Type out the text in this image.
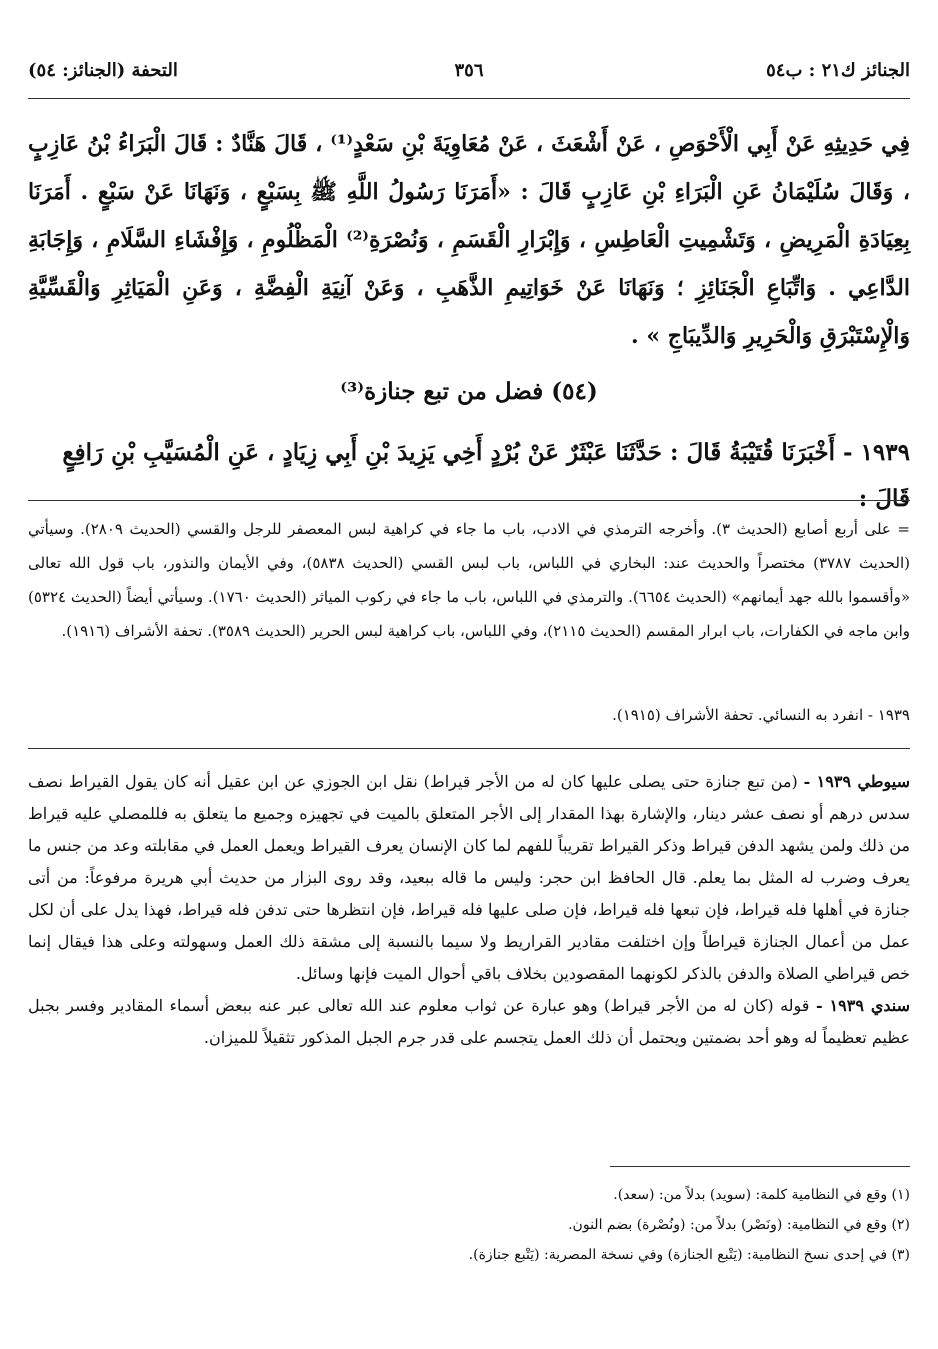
الجنائز ك٢١ : ب٥٤
٣٥٦
التحفة (الجنائز: ٥٤)

فِي حَدِيثِهِ عَنْ أَبِي الْأَحْوَصِ ، عَنْ أَشْعَثَ ، عَنْ مُعَاوِيَةَ بْنِ سَعْدٍ⁽¹⁾ ، قَالَ هَنَّادٌ : قَالَ الْبَرَاءُ بْنُ عَازِبٍ ، وَقَالَ سُلَيْمَانُ عَنِ الْبَرَاءِ بْنِ عَازِبٍ قَالَ : «أَمَرَنَا رَسُولُ اللَّهِ ﷺ بِسَبْعٍ ، وَنَهَانَا عَنْ سَبْعٍ . أَمَرَنَا بِعِيَادَةِ الْمَرِيضِ ، وَتَشْمِيتِ الْعَاطِسِ ، وَإِبْرَارِ الْقَسَمِ ، وَنُصْرَةِ⁽²⁾ الْمَظْلُومِ ، وَإِفْشَاءِ السَّلَامِ ، وَإِجَابَةِ الدَّاعِي . وَاتِّبَاعِ الْجَنَائِزِ ؛ وَنَهَانَا عَنْ خَوَاتِيمِ الذَّهَبِ ، وَعَنْ آنِيَةِ الْفِضَّةِ ، وَعَنِ الْمَيَاثِرِ وَالْقَسِّيَّةِ وَالْإِسْتَبْرَقِ وَالْحَرِيرِ وَالدِّيبَاجِ » .

(٥٤) فضل من تبع جنازة⁽³⁾
١٩٣٩ - أَخْبَرَنَا قُتَيْبَةُ قَالَ : حَدَّثَنَا عَبْثَرٌ عَنْ بُرْدٍ أَخِي يَزِيدَ بْنِ أَبِي زِيَادٍ ، عَنِ الْمُسَيَّبِ بْنِ رَافِعٍ قَالَ :

= على أربع أصابع (الحديث ٣). وأخرجه الترمذي في الادب، باب ما جاء في كراهية لبس المعصفر للرجل والقسي (الحديث ٢٨٠٩). وسيأتي (الحديث ٣٧٨٧) مختصراً والحديث عند: البخاري في اللباس، باب لبس القسي (الحديث ٥٨٣٨)، وفي الأيمان والنذور، باب قول الله تعالى «وأقسموا بالله جهد أيمانهم» (الحديث ٦٦٥٤). والترمذي في اللباس، باب ما جاء في ركوب المياثر (الحديث ١٧٦٠). وسيأتي أيضاً (الحديث ٥٣٢٤) وابن ماجه في الكفارات، باب ابرار المقسم (الحديث ٢١١٥)، وفي اللباس، باب كراهية لبس الحرير (الحديث ٣٥٨٩). تحفة الأشراف (١٩١٦).

١٩٣٩ - انفرد به النسائي. تحفة الأشراف (١٩١٥).

سيوطي ١٩٣٩ - (من تبع جنازة حتى يصلى عليها كان له من الأجر قيراط) نقل ابن الجوزي عن ابن عقيل أنه كان يقول القيراط نصف سدس درهم أو نصف عشر دينار، والإشارة بهذا المقدار إلى الأجر المتعلق بالميت في تجهيزه وجميع ما يتعلق به فللمصلي عليه قيراط من ذلك ولمن يشهد الدفن قيراط وذكر القيراط تقريباً للفهم لما كان الإنسان يعرف القيراط ويعمل العمل في مقابلته وعد من جنس ما يعرف وضرب له المثل بما يعلم. قال الحافظ ابن حجر: وليس ما قاله ببعيد، وقد روى البزار من حديث أبي هريرة مرفوعاً: من أتى جنازة في أهلها فله قيراط، فإن تبعها فله قيراط، فإن صلى عليها فله قيراط، فإن انتظرها حتى تدفن فله قيراط، فهذا يدل على أن لكل عمل من أعمال الجنازة قيراطاً وإن اختلفت مقادير القراريط ولا سيما بالنسبة إلى مشقة ذلك العمل وسهولته وعلى هذا فيقال إنما خص قيراطي الصلاة والدفن بالذكر لكونهما المقصودين بخلاف باقي أحوال الميت فإنها وسائل.

سندي ١٩٣٩ - قوله (كان له من الأجر قيراط) وهو عبارة عن ثواب معلوم عند الله تعالى عبر عنه ببعض أسماء المقادير وفسر بجبل عظيم تعظيماً له وهو أحد بضمتين ويحتمل أن ذلك العمل يتجسم على قدر جرم الجبل المذكور تثقيلاً للميزان.

(١) وقع في النظامية كلمة: (سويد) بدلاً من: (سعد).
(٢) وقع في النظامية: (ونَصْر) بدلاً من: (ونُصْرة) بضم النون.
(٣) في إحدى نسخ النظامية: (يَتْبع الجنازة) وفي نسخة المصرية: (يَتْبع جنازة).
